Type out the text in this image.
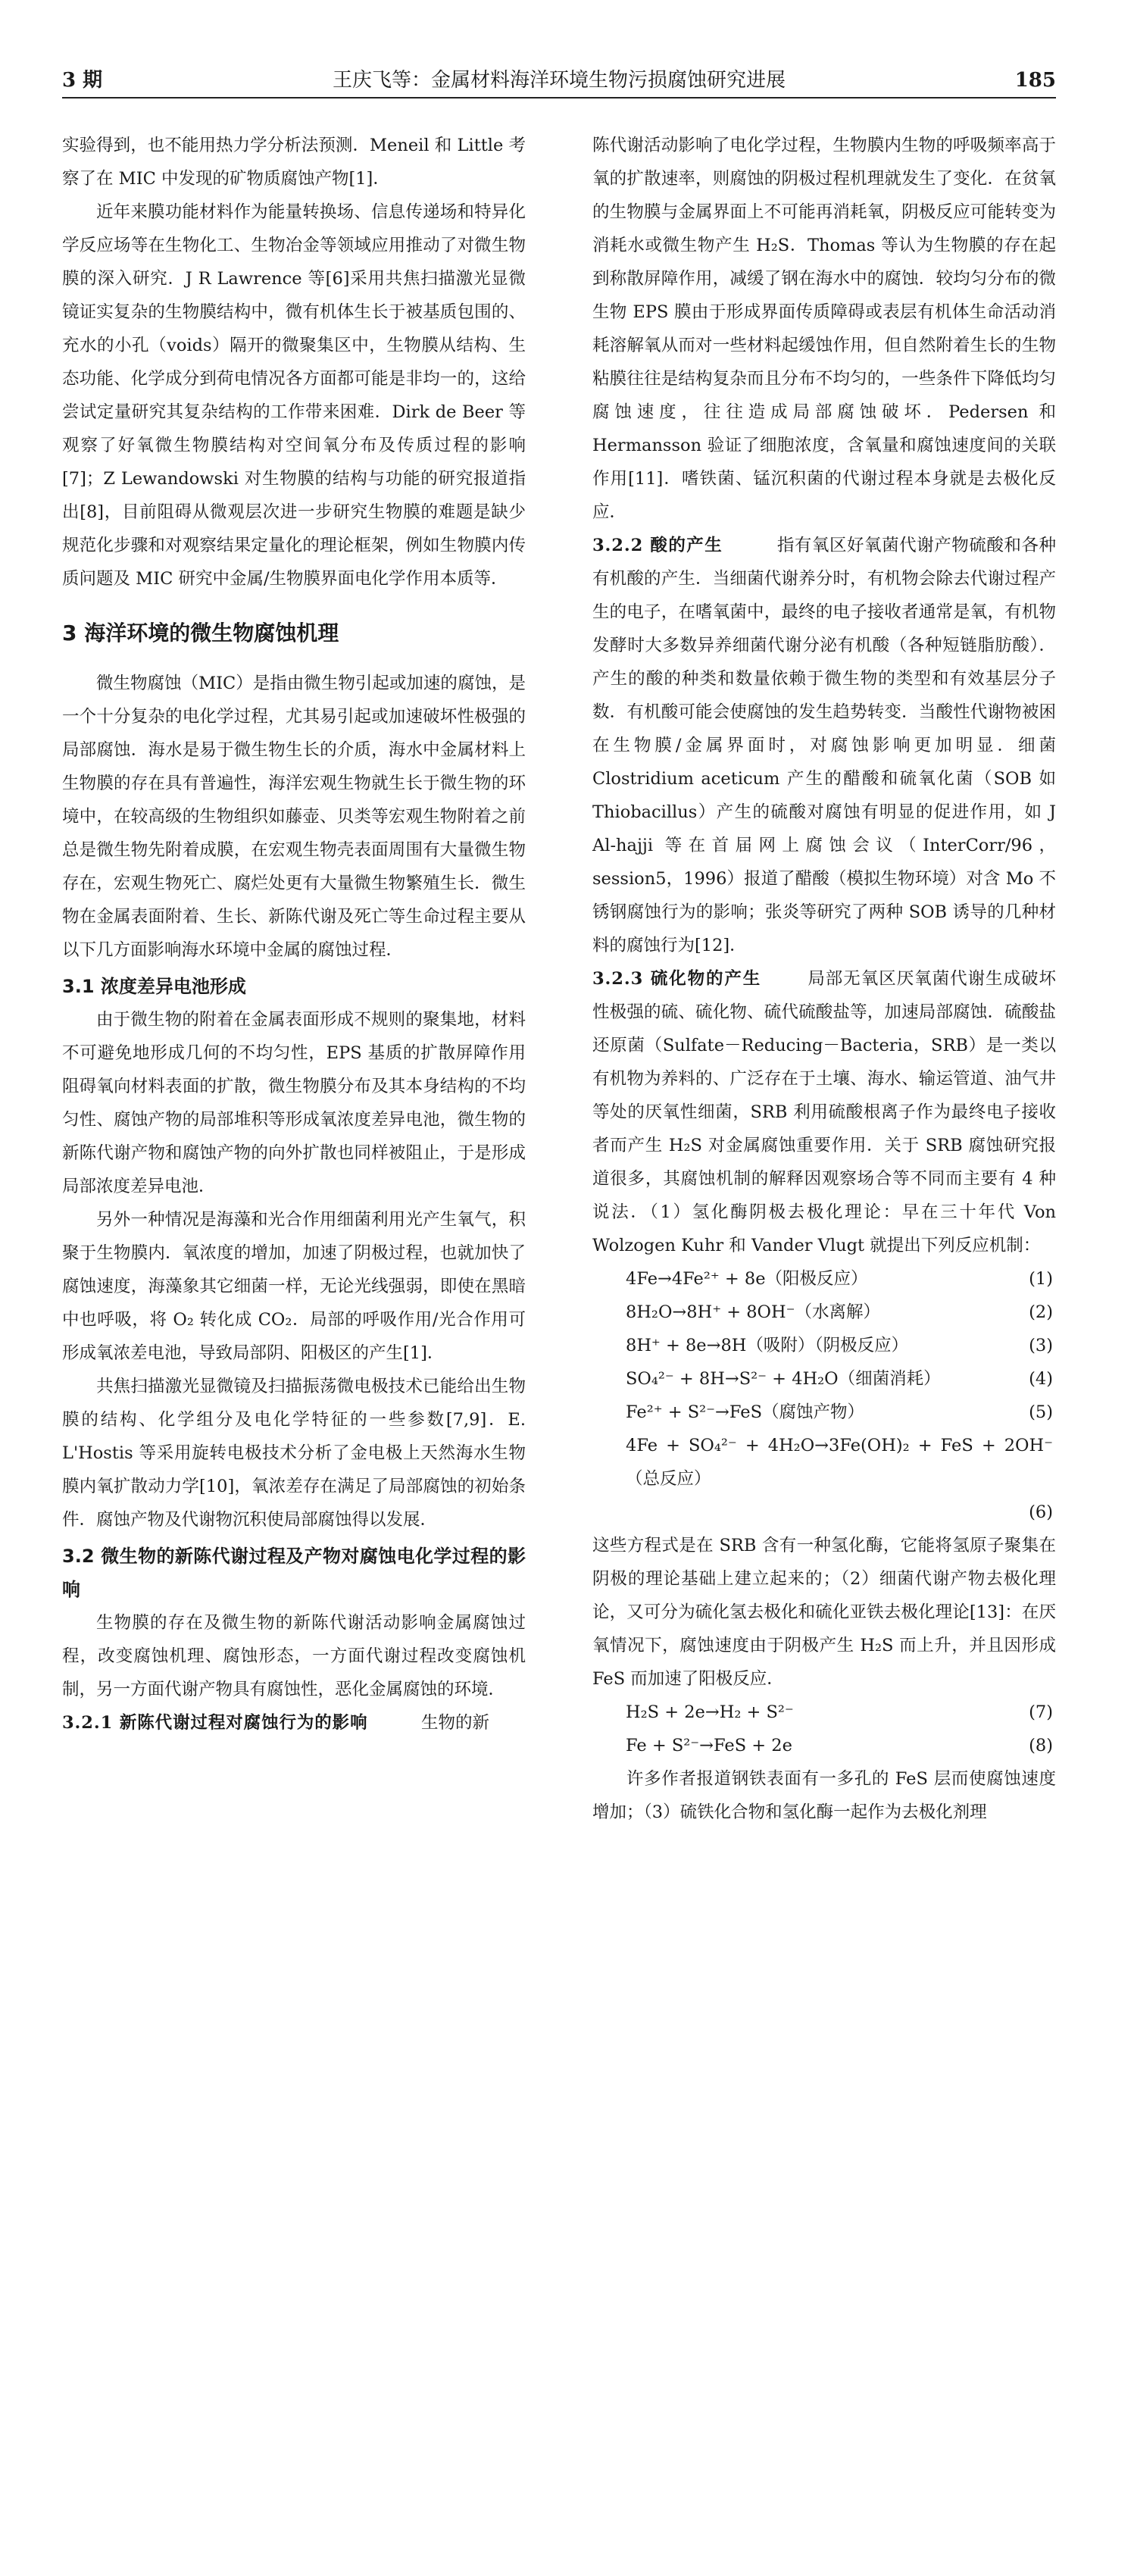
3 期	王庆飞等：金属材料海洋环境生物污损腐蚀研究进展	185

实验得到，也不能用热力学分析法预测．Meneil 和 Little 考察了在 MIC 中发现的矿物质腐蚀产物[1]．

近年来膜功能材料作为能量转换场、信息传递场和特异化学反应场等在生物化工、生物冶金等领域应用推动了对微生物膜的深入研究．J R Lawrence 等[6]采用共焦扫描激光显微镜证实复杂的生物膜结构中，微有机体生长于被基质包围的、充水的小孔（voids）隔开的微聚集区中，生物膜从结构、生态功能、化学成分到荷电情况各方面都可能是非均一的，这给尝试定量研究其复杂结构的工作带来困难．Dirk de Beer 等观察了好氧微生物膜结构对空间氧分布及传质过程的影响[7]；Z Lewandowski 对生物膜的结构与功能的研究报道指出[8]，目前阻碍从微观层次进一步研究生物膜的难题是缺少规范化步骤和对观察结果定量化的理论框架，例如生物膜内传质问题及 MIC 研究中金属/生物膜界面电化学作用本质等．

3 海洋环境的微生物腐蚀机理

微生物腐蚀（MIC）是指由微生物引起或加速的腐蚀，是一个十分复杂的电化学过程，尤其易引起或加速破坏性极强的局部腐蚀．海水是易于微生物生长的介质，海水中金属材料上生物膜的存在具有普遍性，海洋宏观生物就生长于微生物的环境中，在较高级的生物组织如藤壶、贝类等宏观生物附着之前总是微生物先附着成膜，在宏观生物壳表面周围有大量微生物存在，宏观生物死亡、腐烂处更有大量微生物繁殖生长．微生物在金属表面附着、生长、新陈代谢及死亡等生命过程主要从以下几方面影响海水环境中金属的腐蚀过程．

3.1 浓度差异电池形成

由于微生物的附着在金属表面形成不规则的聚集地，材料不可避免地形成几何的不均匀性，EPS 基质的扩散屏障作用阻碍氧向材料表面的扩散，微生物膜分布及其本身结构的不均匀性、腐蚀产物的局部堆积等形成氧浓度差异电池，微生物的新陈代谢产物和腐蚀产物的向外扩散也同样被阻止，于是形成局部浓度差异电池．

另外一种情况是海藻和光合作用细菌利用光产生氧气，积聚于生物膜内．氧浓度的增加，加速了阴极过程，也就加快了腐蚀速度，海藻象其它细菌一样，无论光线强弱，即使在黑暗中也呼吸，将 O₂ 转化成 CO₂．局部的呼吸作用/光合作用可形成氧浓差电池，导致局部阴、阳极区的产生[1]．

共焦扫描激光显微镜及扫描振荡微电极技术已能给出生物膜的结构、化学组分及电化学特征的一些参数[7,9]．E. L'Hostis 等采用旋转电极技术分析了金电极上天然海水生物膜内氧扩散动力学[10]，氧浓差存在满足了局部腐蚀的初始条件．腐蚀产物及代谢物沉积使局部腐蚀得以发展．

3.2 微生物的新陈代谢过程及产物对腐蚀电化学过程的影响

生物膜的存在及微生物的新陈代谢活动影响金属腐蚀过程，改变腐蚀机理、腐蚀形态，一方面代谢过程改变腐蚀机制，另一方面代谢产物具有腐蚀性，恶化金属腐蚀的环境．

3.2.1 新陈代谢过程对腐蚀行为的影响	生物的新

陈代谢活动影响了电化学过程，生物膜内生物的呼吸频率高于氧的扩散速率，则腐蚀的阴极过程机理就发生了变化．在贫氧的生物膜与金属界面上不可能再消耗氧，阴极反应可能转变为消耗水或微生物产生 H₂S．Thomas 等认为生物膜的存在起到称散屏障作用，减缓了钢在海水中的腐蚀．较均匀分布的微生物 EPS 膜由于形成界面传质障碍或表层有机体生命活动消耗溶解氧从而对一些材料起缓蚀作用，但自然附着生长的生物粘膜往往是结构复杂而且分布不均匀的，一些条件下降低均匀腐蚀速度，往往造成局部腐蚀破坏．Pedersen 和 Hermansson 验证了细胞浓度，含氧量和腐蚀速度间的关联作用[11]．嗜铁菌、锰沉积菌的代谢过程本身就是去极化反应．

3.2.2 酸的产生	指有氧区好氧菌代谢产物硫酸和各种有机酸的产生．当细菌代谢养分时，有机物会除去代谢过程产生的电子，在嗜氧菌中，最终的电子接收者通常是氧，有机物发酵时大多数异养细菌代谢分泌有机酸（各种短链脂肪酸）．产生的酸的种类和数量依赖于微生物的类型和有效基层分子数．有机酸可能会使腐蚀的发生趋势转变．当酸性代谢物被困在生物膜/金属界面时，对腐蚀影响更加明显．细菌 Clostridium aceticum 产生的醋酸和硫氧化菌（SOB 如 Thiobacillus）产生的硫酸对腐蚀有明显的促进作用，如 J Al-hajji 等在首届网上腐蚀会议（InterCorr/96，session5，1996）报道了醋酸（模拟生物环境）对含 Mo 不锈钢腐蚀行为的影响；张炎等研究了两种 SOB 诱导的几种材料的腐蚀行为[12]．

3.2.3 硫化物的产生	局部无氧区厌氧菌代谢生成破坏性极强的硫、硫化物、硫代硫酸盐等，加速局部腐蚀．硫酸盐还原菌（Sulfate－Reducing－Bacteria，SRB）是一类以有机物为养料的、广泛存在于土壤、海水、输运管道、油气井等处的厌氧性细菌，SRB 利用硫酸根离子作为最终电子接收者而产生 H₂S 对金属腐蚀重要作用．关于 SRB 腐蚀研究报道很多，其腐蚀机制的解释因观察场合等不同而主要有 4 种说法．（1）氢化酶阴极去极化理论：早在三十年代 Von Wolzogen Kuhr 和 Vander Vlugt 就提出下列反应机制：

4Fe→4Fe²⁺ + 8e（阳极反应）	(1)
8H₂O→8H⁺ + 8OH⁻（水离解）	(2)
8H⁺ + 8e→8H（吸附）（阴极反应）	(3)
SO₄²⁻ + 8H→S²⁻ + 4H₂O（细菌消耗）	(4)
Fe²⁺ + S²⁻→FeS（腐蚀产物）	(5)
4Fe + SO₄²⁻ + 4H₂O→3Fe(OH)₂ + FeS + 2OH⁻（总反应）
(6)

这些方程式是在 SRB 含有一种氢化酶，它能将氢原子聚集在阴极的理论基础上建立起来的；（2）细菌代谢产物去极化理论，又可分为硫化氢去极化和硫化亚铁去极化理论[13]：在厌氧情况下，腐蚀速度由于阴极产生 H₂S 而上升，并且因形成 FeS 而加速了阳极反应．

H₂S + 2e→H₂ + S²⁻	(7)
Fe + S²⁻→FeS + 2e	(8)

许多作者报道钢铁表面有一多孔的 FeS 层而使腐蚀速度增加；（3）硫铁化合物和氢化酶一起作为去极化剂理
